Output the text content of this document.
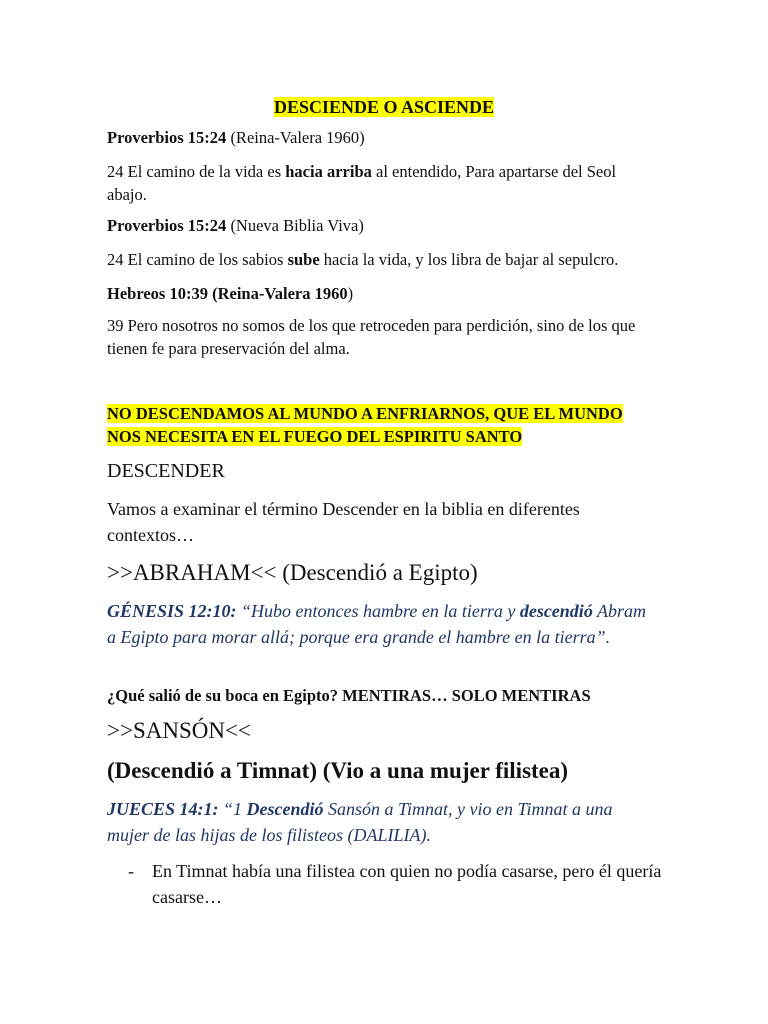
DESCIENDE O ASCIENDE
Proverbios 15:24 (Reina-Valera 1960)
24 El camino de la vida es hacia arriba al entendido, Para apartarse del Seol abajo.
Proverbios 15:24 (Nueva Biblia Viva)
24 El camino de los sabios sube hacia la vida, y los libra de bajar al sepulcro.
Hebreos 10:39 (Reina-Valera 1960)
39 Pero nosotros no somos de los que retroceden para perdición, sino de los que tienen fe para preservación del alma.
NO DESCENDAMOS AL MUNDO A ENFRIARNOS, QUE EL MUNDO
NOS NECESITA EN EL FUEGO DEL ESPIRITU SANTO
DESCENDER
Vamos a examinar el término Descender en la biblia en diferentes contextos…
>>ABRAHAM<< (Descendió a Egipto)
GÉNESIS 12:10: “Hubo entonces hambre en la tierra y descendió Abram a Egipto para morar allá; porque era grande el hambre en la tierra”.
¿Qué salió de su boca en Egipto? MENTIRAS… SOLO MENTIRAS
>>SANSÓN<<
(Descendió a Timnat) (Vio a una mujer filistea)
JUECES 14:1: “1 Descendió Sansón a Timnat, y vio en Timnat a una mujer de las hijas de los filisteos (DALILIA).
-	En Timnat había una filistea con quien no podía casarse, pero él quería casarse…
